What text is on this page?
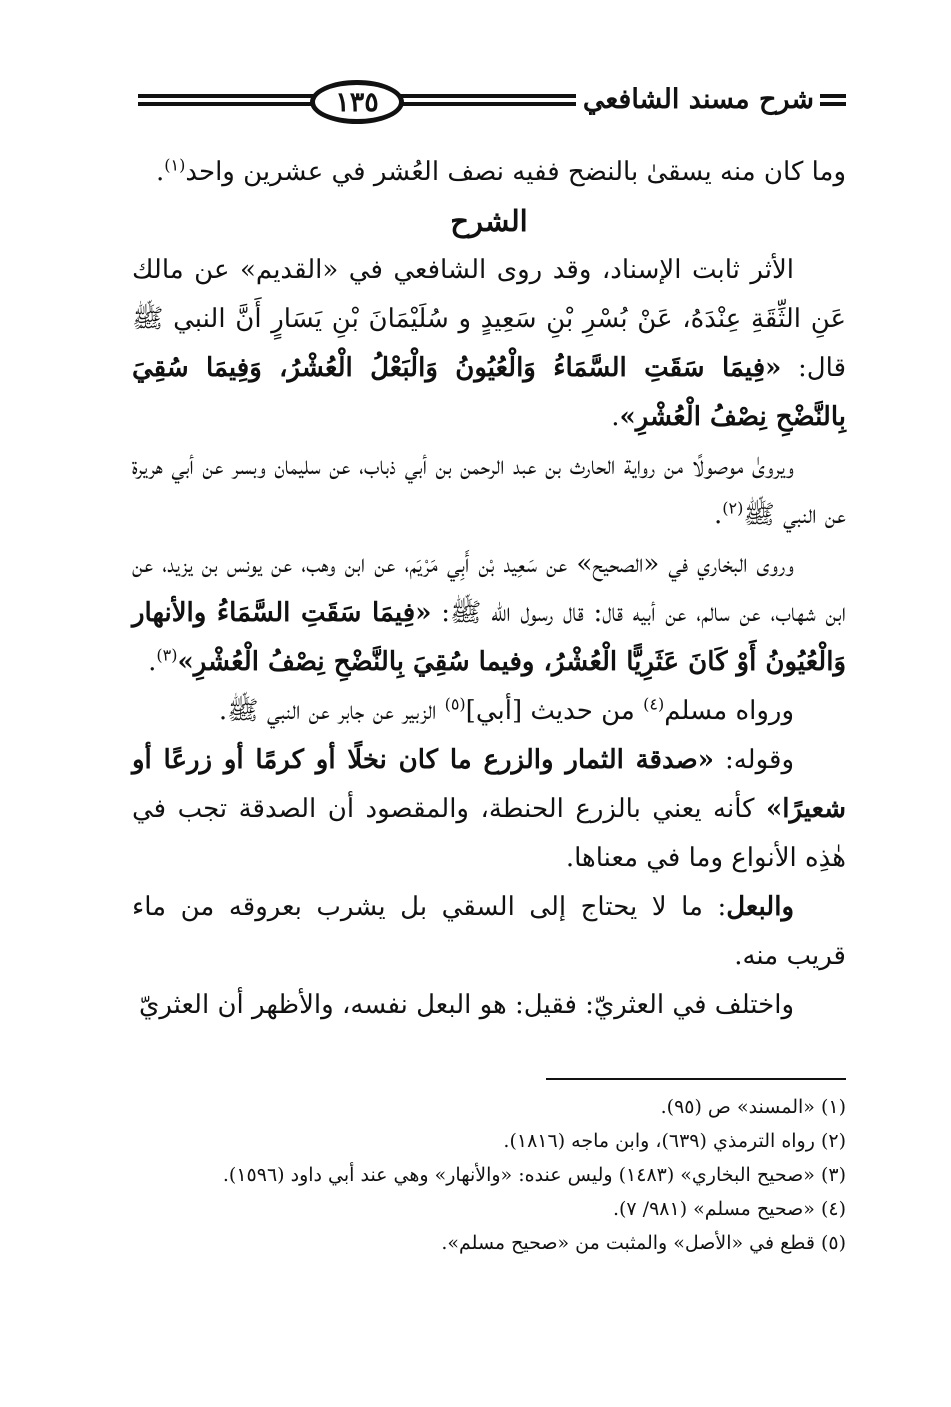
١٣٥	شرح مسند الشافعي

وما كان منه يسقىٰ بالنضح ففيه نصف العُشر في عشرين واحد$^{(١)}$.

الشرح

الأثر ثابت الإسناد، وقد روى الشافعي في «القديم» عن مالك عَنِ الثِّقَةِ عِنْدَهُ، عَنْ بُسْرِ بْنِ سَعِيدٍ و سُلَيْمَانَ بْنِ يَسَارٍ أَنَّ النبي ﷺ قال: «فِيمَا سَقَتِ السَّمَاءُ وَالْعُيُونُ وَالْبَعْلُ الْعُشْرُ، وَفِيمَا سُقِيَ بِالنَّضْحِ نِصْفُ الْعُشْرِ».

ويروىٰ موصولًا من رواية الحارث بن عبد الرحمن بن أبي ذباب، عن سليمان وبسر عن أبي هريرة عن النبي ﷺ$^{(٢)}$.

وروى البخاري في «الصحيح» عن سَعِيد بْن أَبِي مَرْيَم، عن ابن وهب، عن يونس بن يزيد، عن ابن شهاب، عن سالم، عن أبيه قال: قال رسول الله ﷺ: «فِيمَا سَقَتِ السَّمَاءُ والأنهار وَالْعُيُونُ أَوْ كَانَ عَثَرِيًّا الْعُشْرُ، وفيما سُقِيَ بِالنَّضْحِ نِصْفُ الْعُشْرِ»$^{(٣)}$.

ورواه مسلم$^{(٤)}$ من حديث [أبي]$^{(٥)}$ الزبير عن جابر عن النبي ﷺ.

وقوله: «صدقة الثمار والزرع ما كان نخلًا أو كرمًا أو زرعًا أو شعيرًا» كأنه يعني بالزرع الحنطة، والمقصود أن الصدقة تجب في هٰذِه الأنواع وما في معناها.

والبعل: ما لا يحتاج إلى السقي بل يشرب بعروقه من ماء قريب منه.

واختلف في العثريّ: فقيل: هو البعل نفسه، والأظهر أن العثريّ

(١) «المسند» ص (٩٥).

(٢) رواه الترمذي (٦٣٩)، وابن ماجه (١٨١٦).

(٣) «صحيح البخاري» (١٤٨٣) وليس عنده: «والأنهار» وهي عند أبي داود (١٥٩٦).

(٤) «صحيح مسلم» (٩٨١/ ٧).

(٥) قطع في «الأصل» والمثبت من «صحيح مسلم».
